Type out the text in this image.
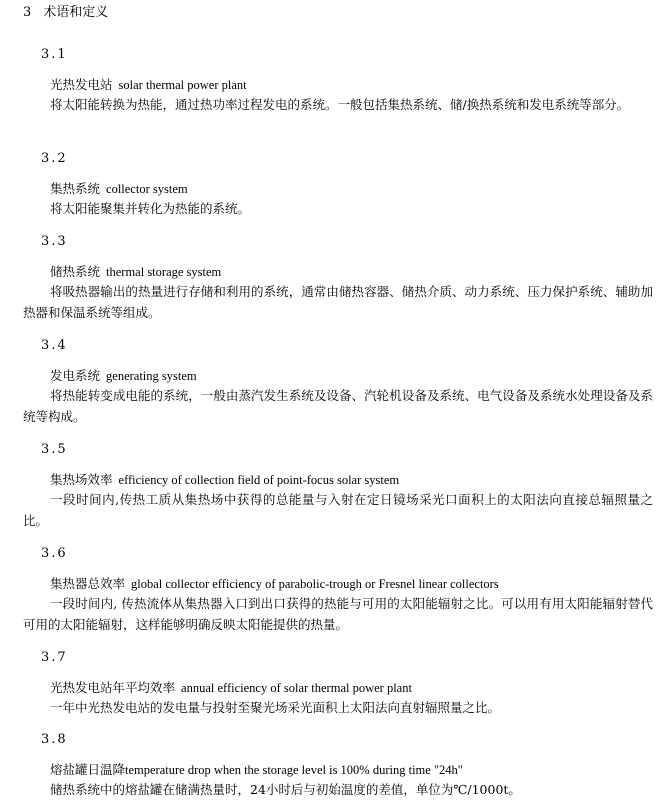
3 术语和定义
3.1
光热发电站 solar thermal power plant

将太阳能转换为热能，通过热功率过程发电的系统。一般包括集热系统、储/换热系统和发电系统等部分。

3.2
集热系统 collector system

将太阳能聚集并转化为热能的系统。

3.3
储热系统 thermal storage system

将吸热器输出的热量进行存储和利用的系统，通常由储热容器、储热介质、动力系统、压力保护系统、辅助加热器和保温系统等组成。

3.4
发电系统 generating system

将热能转变成电能的系统，一般由蒸汽发生系统及设备、汽轮机设备及系统、电气设备及系统水处理设备及系统等构成。

3.5
集热场效率 efficiency of collection field of point-focus solar system

一段时间内,传热工质从集热场中获得的总能量与入射在定日镜场采光口面积上的太阳法向直接总辐照量之比。

3.6
集热器总效率 global collector efficiency of parabolic-trough or Fresnel linear collectors

一段时间内, 传热流体从集热器入口到出口获得的热能与可用的太阳能辐射之比。可以用有用太阳能辐射替代可用的太阳能辐射，这样能够明确反映太阳能提供的热量。

3.7
光热发电站年平均效率 annual efficiency of solar thermal power plant

一年中光热发电站的发电量与投射至聚光场采光面积上太阳法向直射辐照量之比。

3.8
熔盐罐日温降temperature drop when the storage level is 100% during time "24h"

储热系统中的熔盐罐在储满热量时，24小时后与初始温度的差值，单位为℃/1000t。
